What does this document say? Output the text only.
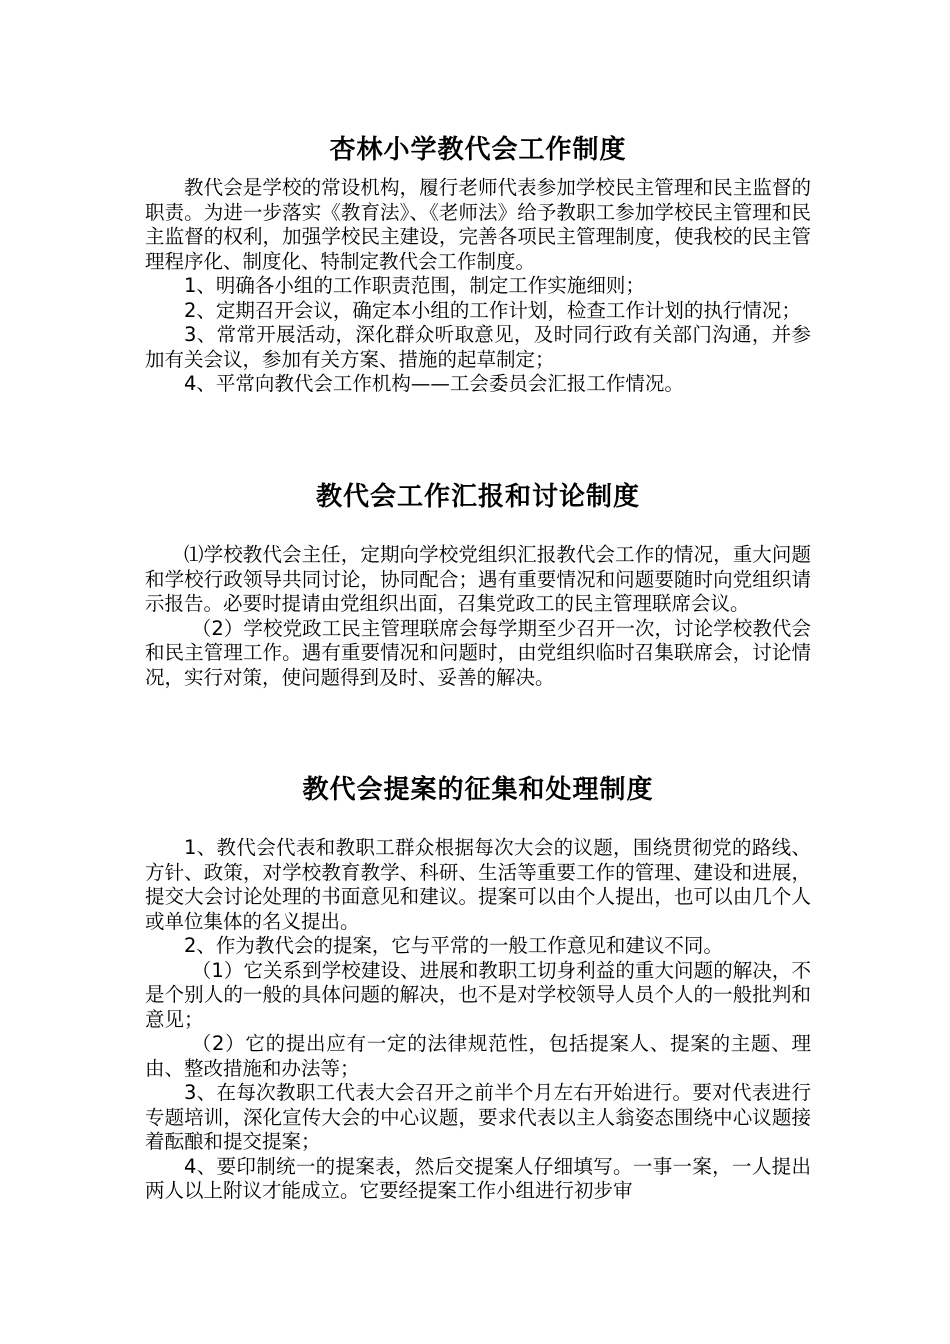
杏林小学教代会工作制度

教代会是学校的常设机构，履行老师代表参加学校民主管理和民主监督的职责。为进一步落实《教育法》、《老师法》给予教职工参加学校民主管理和民主监督的权利，加强学校民主建设，完善各项民主管理制度，使我校的民主管理程序化、制度化、特制定教代会工作制度。

1、明确各小组的工作职责范围，制定工作实施细则；

2、定期召开会议，确定本小组的工作计划，检查工作计划的执行情况；

3、常常开展活动，深化群众听取意见，及时同行政有关部门沟通，并参加有关会议，参加有关方案、措施的起草制定；

4、平常向教代会工作机构——工会委员会汇报工作情况。

教代会工作汇报和讨论制度

⑴学校教代会主任，定期向学校党组织汇报教代会工作的情况，重大问题和学校行政领导共同讨论，协同配合；遇有重要情况和问题要随时向党组织请示报告。必要时提请由党组织出面，召集党政工的民主管理联席会议。

（2）学校党政工民主管理联席会每学期至少召开一次，讨论学校教代会和民主管理工作。遇有重要情况和问题时，由党组织临时召集联席会，讨论情况，实行对策，使问题得到及时、妥善的解决。

教代会提案的征集和处理制度

1、教代会代表和教职工群众根据每次大会的议题，围绕贯彻党的路线、方针、政策，对学校教育教学、科研、生活等重要工作的管理、建设和进展，提交大会讨论处理的书面意见和建议。提案可以由个人提出，也可以由几个人或单位集体的名义提出。

2、作为教代会的提案，它与平常的一般工作意见和建议不同。

（1）它关系到学校建设、进展和教职工切身利益的重大问题的解决，不是个别人的一般的具体问题的解决，也不是对学校领导人员个人的一般批判和意见；

（2）它的提出应有一定的法律规范性，包括提案人、提案的主题、理由、整改措施和办法等；

3、在每次教职工代表大会召开之前半个月左右开始进行。要对代表进行专题培训，深化宣传大会的中心议题，要求代表以主人翁姿态围绕中心议题接着酝酿和提交提案；

4、要印制统一的提案表，然后交提案人仔细填写。一事一案，一人提出两人以上附议才能成立。它要经提案工作小组进行初步审
